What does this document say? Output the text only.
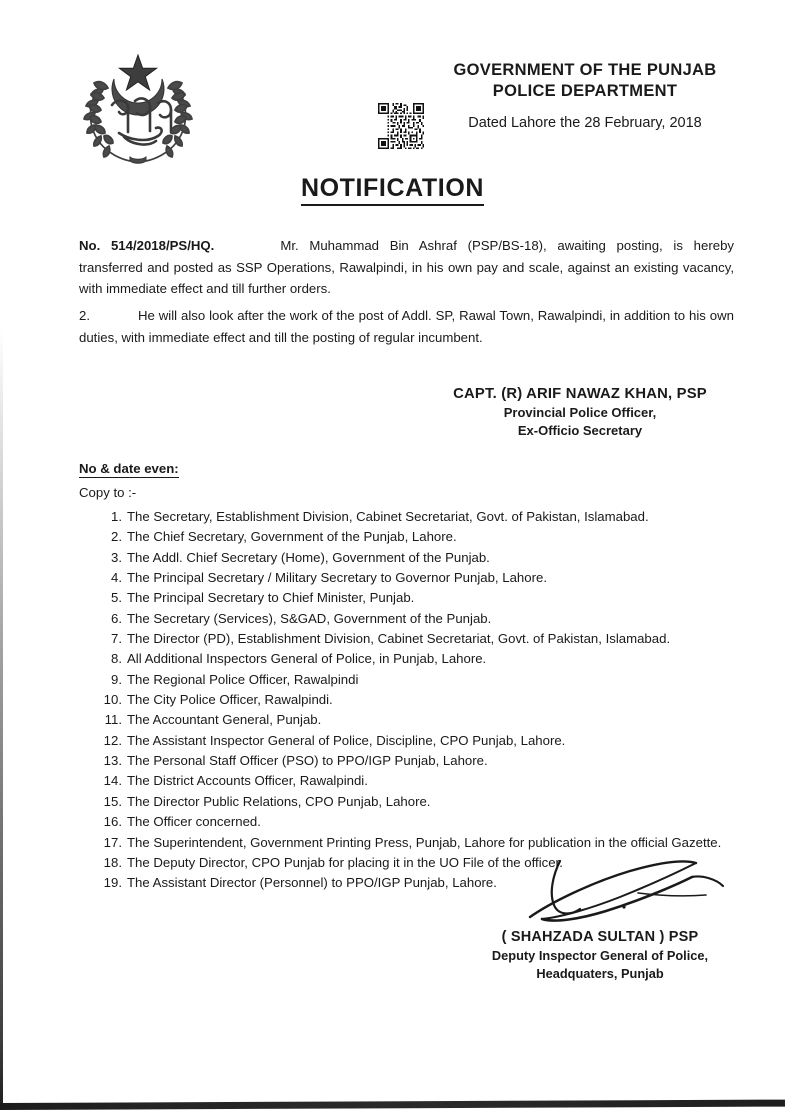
GOVERNMENT OF THE PUNJAB
POLICE DEPARTMENT
Dated Lahore the 28 February, 2018
NOTIFICATION
No. 514/2018/PS/HQ.	Mr. Muhammad Bin Ashraf (PSP/BS-18), awaiting posting, is hereby transferred and posted as SSP Operations, Rawalpindi, in his own pay and scale, against an existing vacancy, with immediate effect and till further orders.
2.	He will also look after the work of the post of Addl. SP, Rawal Town, Rawalpindi, in addition to his own duties, with immediate effect and till the posting of regular incumbent.
CAPT. (R) ARIF NAWAZ KHAN, PSP
Provincial Police Officer,
Ex-Officio Secretary
No & date even:
Copy to :-
1. The Secretary, Establishment Division, Cabinet Secretariat, Govt. of Pakistan, Islamabad.
2. The Chief Secretary, Government of the Punjab, Lahore.
3. The Addl. Chief Secretary (Home), Government of the Punjab.
4. The Principal Secretary / Military Secretary to Governor Punjab, Lahore.
5. The Principal Secretary to Chief Minister, Punjab.
6. The Secretary (Services), S&GAD, Government of the Punjab.
7. The Director (PD), Establishment Division, Cabinet Secretariat, Govt. of Pakistan, Islamabad.
8. All Additional Inspectors General of Police, in Punjab, Lahore.
9. The Regional Police Officer, Rawalpindi
10. The City Police Officer, Rawalpindi.
11. The Accountant General, Punjab.
12. The Assistant Inspector General of Police, Discipline, CPO Punjab, Lahore.
13. The Personal Staff Officer (PSO) to PPO/IGP Punjab, Lahore.
14. The District Accounts Officer, Rawalpindi.
15. The Director Public Relations, CPO Punjab, Lahore.
16. The Officer concerned.
17. The Superintendent, Government Printing Press, Punjab, Lahore for publication in the official Gazette.
18. The Deputy Director, CPO Punjab for placing it in the UO File of the officer.
19. The Assistant Director (Personnel) to PPO/IGP Punjab, Lahore.
( SHAHZADA SULTAN ) PSP
Deputy Inspector General of Police,
Headquaters, Punjab
